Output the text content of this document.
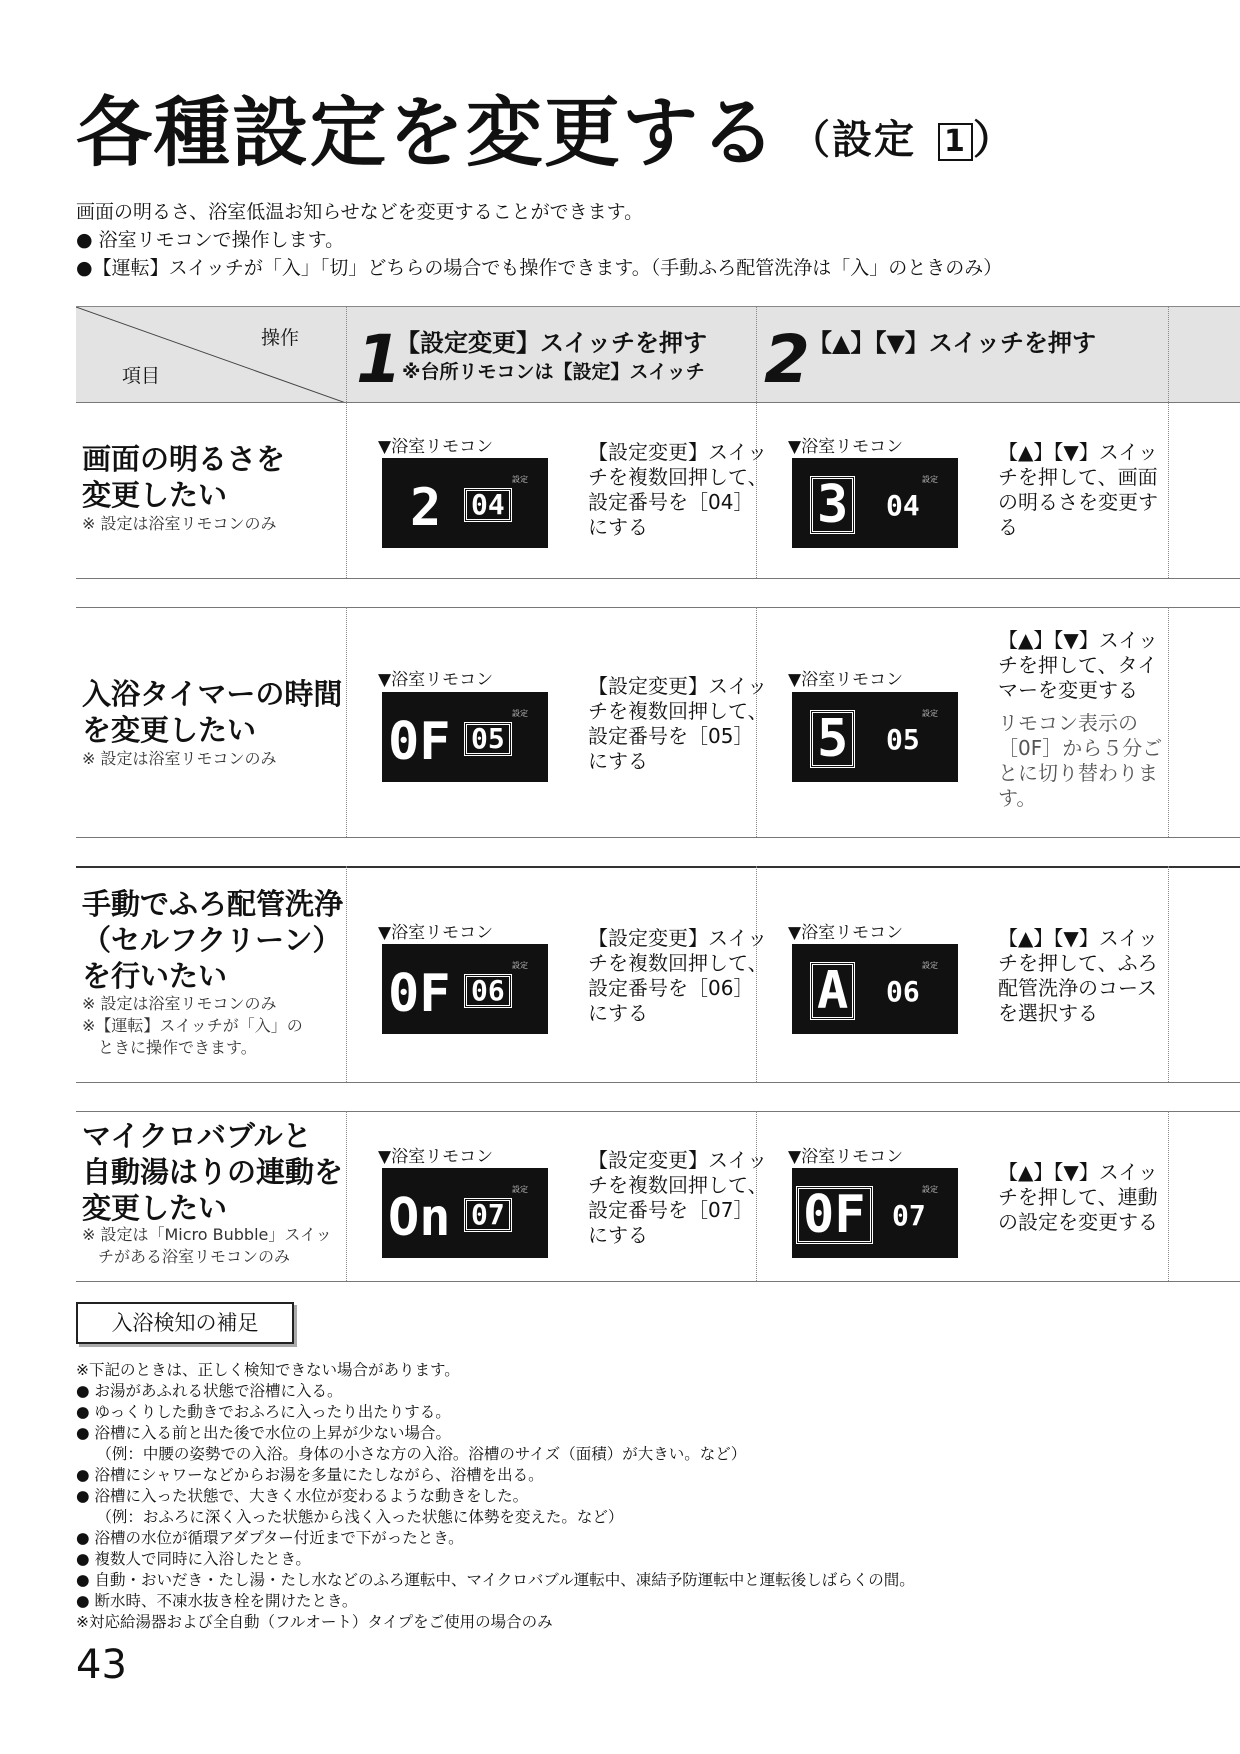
各種設定を変更する （設定 1 ）
画面の明るさ、浴室低温お知らせなどを変更することができます。
● 浴室リモコンで操作します。
●【運転】スイッチが「入」「切」どちらの場合でも操作できます。（手動ふろ配管洗浄は「入」のときのみ）
操作
項目	1
【設定変更】スイッチを押す
※台所リモコンは【設定】スイッチ 2
【▲】【▼】スイッチを押す
画面の明るさを
変更したい
※ 設定は浴室リモコンのみ
▼浴室リモコン
設定
2 04
【設定変更】スイッ
チを複数回押して、
設定番号を［04］
にする
▼浴室リモコン
設定
3 04
【▲】【▼】スイッ
チを押して、画面
の明るさを変更す
る
入浴タイマーの時間
を変更したい
※ 設定は浴室リモコンのみ
▼浴室リモコン
設定
0F 05
【設定変更】スイッ
チを複数回押して、
設定番号を［05］
にする
▼浴室リモコン
設定
5 05
【▲】【▼】スイッ
チを押して、タイ
マーを変更する
リモコン表示の
［0F］から５分ご
とに切り替わりま
す。
手動でふろ配管洗浄
（セルフクリーン）
を行いたい
※ 設定は浴室リモコンのみ
※【運転】スイッチが「入」の
　ときに操作できます。
▼浴室リモコン
設定
0F 06
【設定変更】スイッ
チを複数回押して、
設定番号を［06］
にする
▼浴室リモコン
設定
A 06
【▲】【▼】スイッ
チを押して、ふろ
配管洗浄のコース
を選択する
マイクロバブルと
自動湯はりの連動を
変更したい
※ 設定は「Micro Bubble」スイッ
　チがある浴室リモコンのみ
▼浴室リモコン
設定
On 07
【設定変更】スイッ
チを複数回押して、
設定番号を［07］
にする
▼浴室リモコン
設定
0F 07
【▲】【▼】スイッ
チを押して、連動
の設定を変更する
入浴検知の補足
※下記のときは、正しく検知できない場合があります。
● お湯があふれる状態で浴槽に入る。
● ゆっくりした動きでおふろに入ったり出たりする。
● 浴槽に入る前と出た後で水位の上昇が少ない場合。
　 （例：中腰の姿勢での入浴。身体の小さな方の入浴。浴槽のサイズ（面積）が大きい。など）
● 浴槽にシャワーなどからお湯を多量にたしながら、浴槽を出る。
● 浴槽に入った状態で、大きく水位が変わるような動きをした。
　 （例：おふろに深く入った状態から浅く入った状態に体勢を変えた。など）
● 浴槽の水位が循環アダプター付近まで下がったとき。
● 複数人で同時に入浴したとき。
● 自動・おいだき・たし湯・たし水などのふろ運転中、マイクロバブル運転中、凍結予防運転中と運転後しばらくの間。
● 断水時、不凍水抜き栓を開けたとき。
※対応給湯器および全自動（フルオート）タイプをご使用の場合のみ
43
